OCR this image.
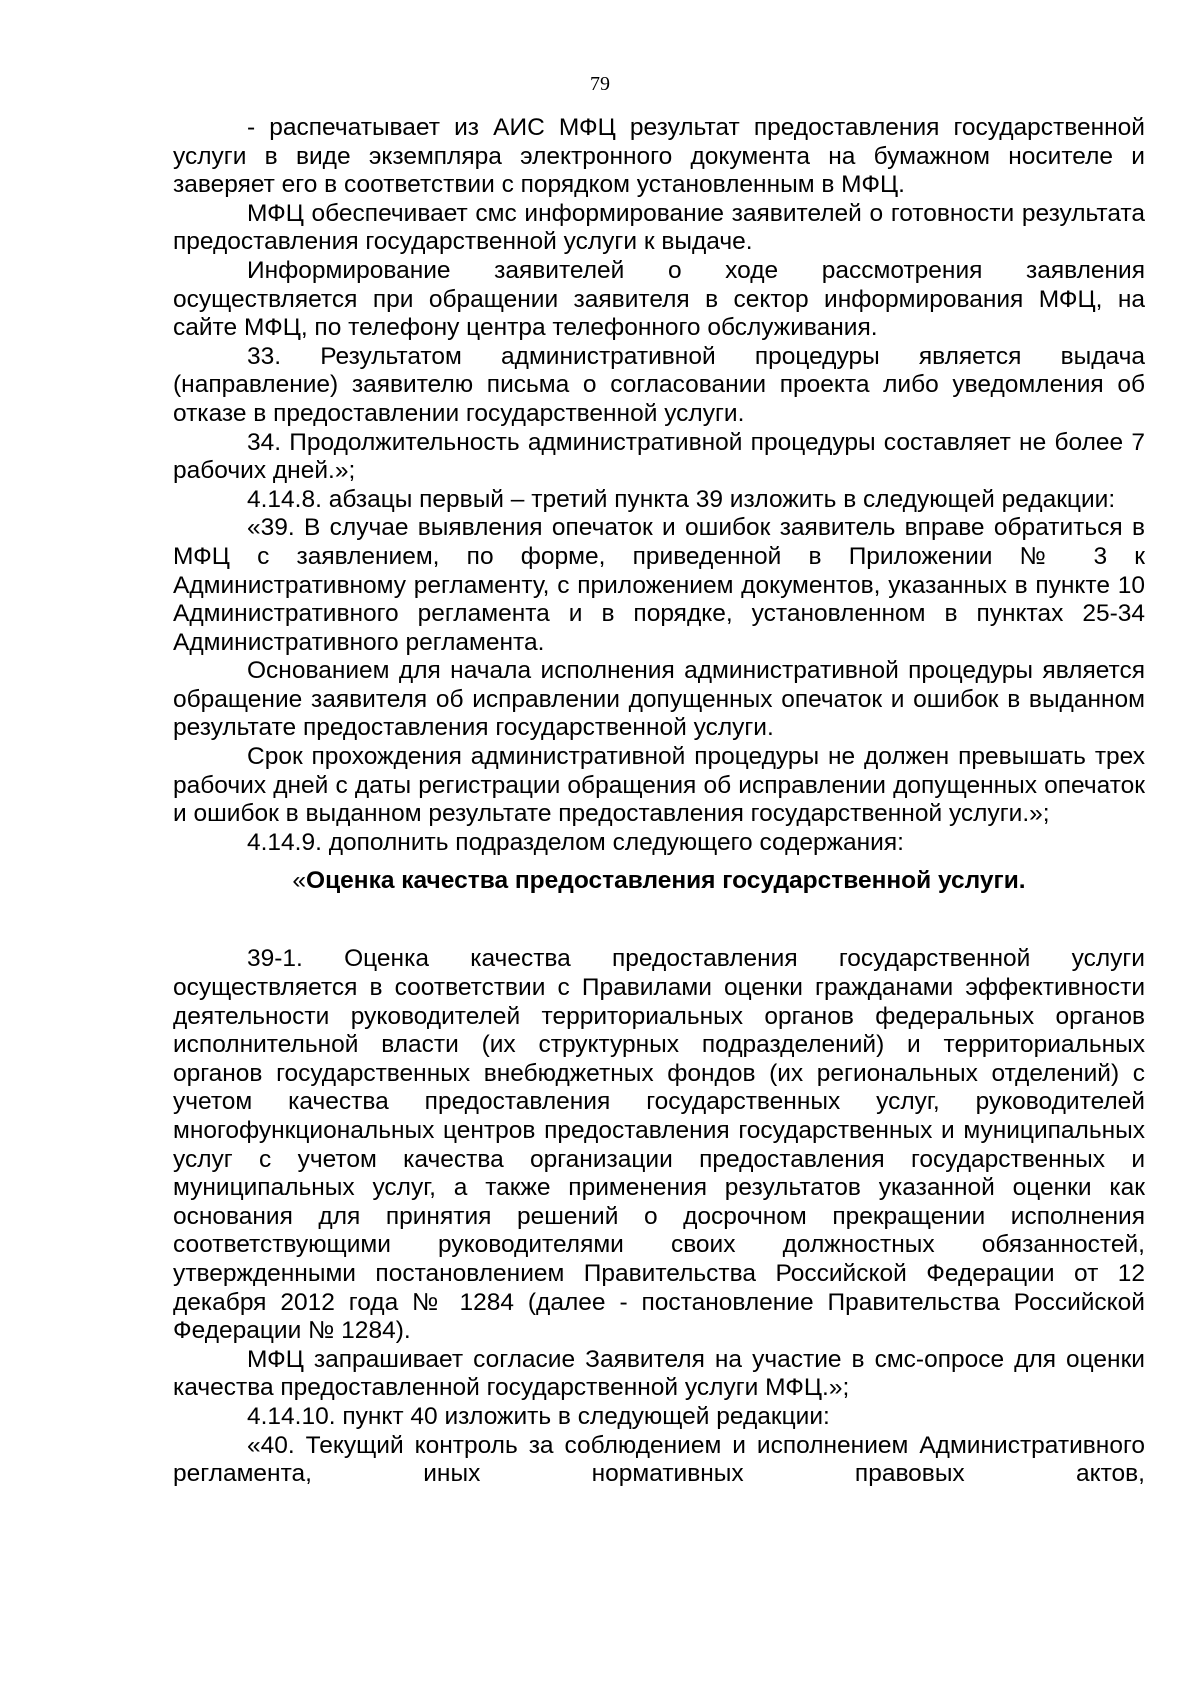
79

- распечатывает из АИС МФЦ результат предоставления государственной услуги в виде экземпляра электронного документа на бумажном носителе и заверяет его в соответствии с порядком установленным в МФЦ.

МФЦ обеспечивает смс информирование заявителей о готовности результата предоставления государственной услуги к выдаче.

Информирование заявителей о ходе рассмотрения заявления осуществляется при обращении заявителя в сектор информирования МФЦ, на сайте МФЦ, по телефону центра телефонного обслуживания.

33. Результатом административной процедуры является выдача (направление) заявителю письма о согласовании проекта либо уведомления об отказе в предоставлении государственной услуги.

34. Продолжительность административной процедуры составляет не более 7 рабочих дней.»;

4.14.8. абзацы первый – третий пункта 39 изложить в следующей редакции:

«39. В случае выявления опечаток и ошибок заявитель вправе обратиться в МФЦ с заявлением, по форме, приведенной в Приложении № 3 к Административному регламенту, с приложением документов, указанных в пункте 10 Административного регламента и в порядке, установленном в пунктах 25-34 Административного регламента.

Основанием для начала исполнения административной процедуры является обращение заявителя об исправлении допущенных опечаток и ошибок в выданном результате предоставления государственной услуги.

Срок прохождения административной процедуры не должен превышать трех рабочих дней с даты регистрации обращения об исправлении допущенных опечаток и ошибок в выданном результате предоставления государственной услуги.»;

4.14.9. дополнить подразделом следующего содержания:

«Оценка качества предоставления государственной услуги.

39-1. Оценка качества предоставления государственной услуги осуществляется в соответствии с Правилами оценки гражданами эффективности деятельности руководителей территориальных органов федеральных органов исполнительной власти (их структурных подразделений) и территориальных органов государственных внебюджетных фондов (их региональных отделений) с учетом качества предоставления государственных услуг, руководителей многофункциональных центров предоставления государственных и муниципальных услуг с учетом качества организации предоставления государственных и муниципальных услуг, а также применения результатов указанной оценки как основания для принятия решений о досрочном прекращении исполнения соответствующими руководителями своих должностных обязанностей, утвержденными постановлением Правительства Российской Федерации от 12 декабря 2012 года № 1284 (далее - постановление Правительства Российской Федерации № 1284).

МФЦ запрашивает согласие Заявителя на участие в смс-опросе для оценки качества предоставленной государственной услуги МФЦ.»;

4.14.10. пункт 40 изложить в следующей редакции:

«40. Текущий контроль за соблюдением и исполнением Административного регламента, иных нормативных правовых актов,
